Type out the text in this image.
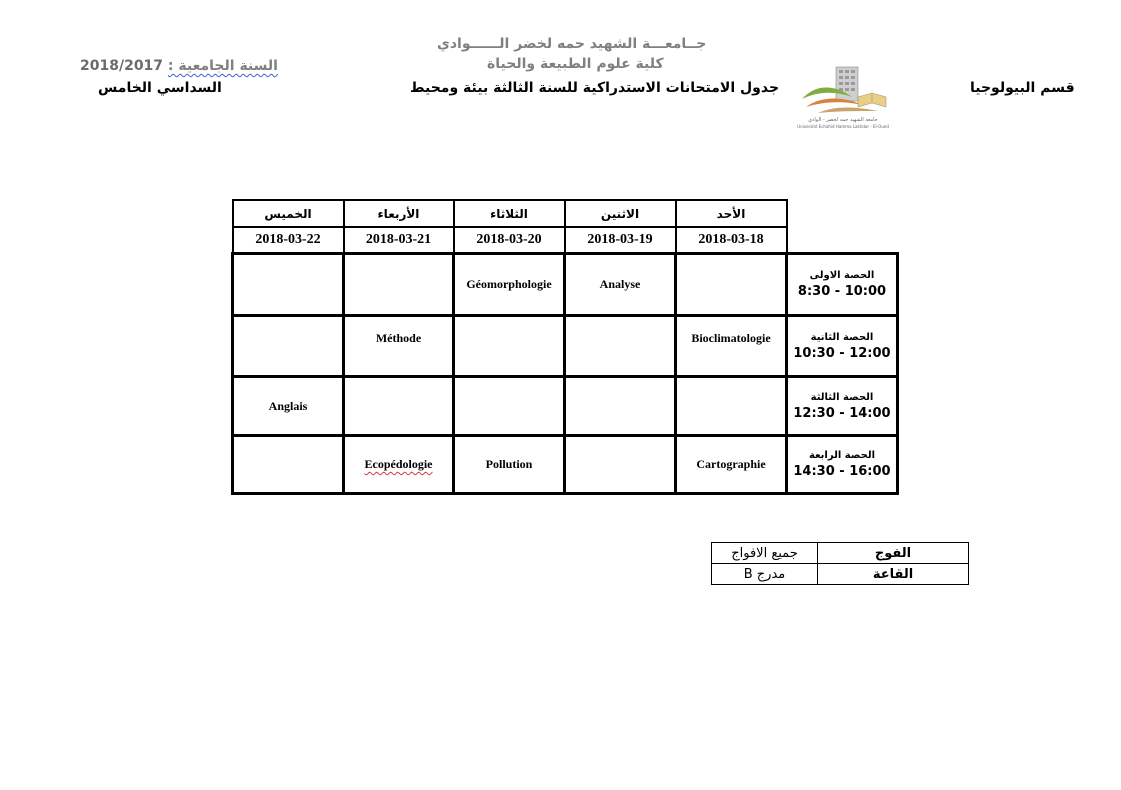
جــامعـــة الشهيد حمه لخضر الــــــوادي
كلية علوم الطبيعة والحياة
2018/2017 السنة الجامعية :
السداسي الخامس	جدول الامتحانات الاستدراكية للسنة الثالثة بيئة ومحيط	قسم البيولوجيا
جامعة الشهيد حمه لخضر - الوادي
Université Echahid Hamma Lakhdar - El-Oued
الخميس	الأربعاء	الثلاثاء	الاثنين	الأحد	
2018-03-22	2018-03-21	2018-03-20	2018-03-19	2018-03-18	
		Géomorphologie	Analyse		الحصة الاولى
8:30 - 10:00

	Méthode			Bioclimatologie	الحصة الثانية
10:30 - 12:00

Anglais					الحصة الثالثة
12:30 - 14:00

	Ecopédologie	Pollution		Cartographie	الحصة الرابعة
14:30 - 16:00
جميع الافواج	الفوج
مدرج B	القاعة
